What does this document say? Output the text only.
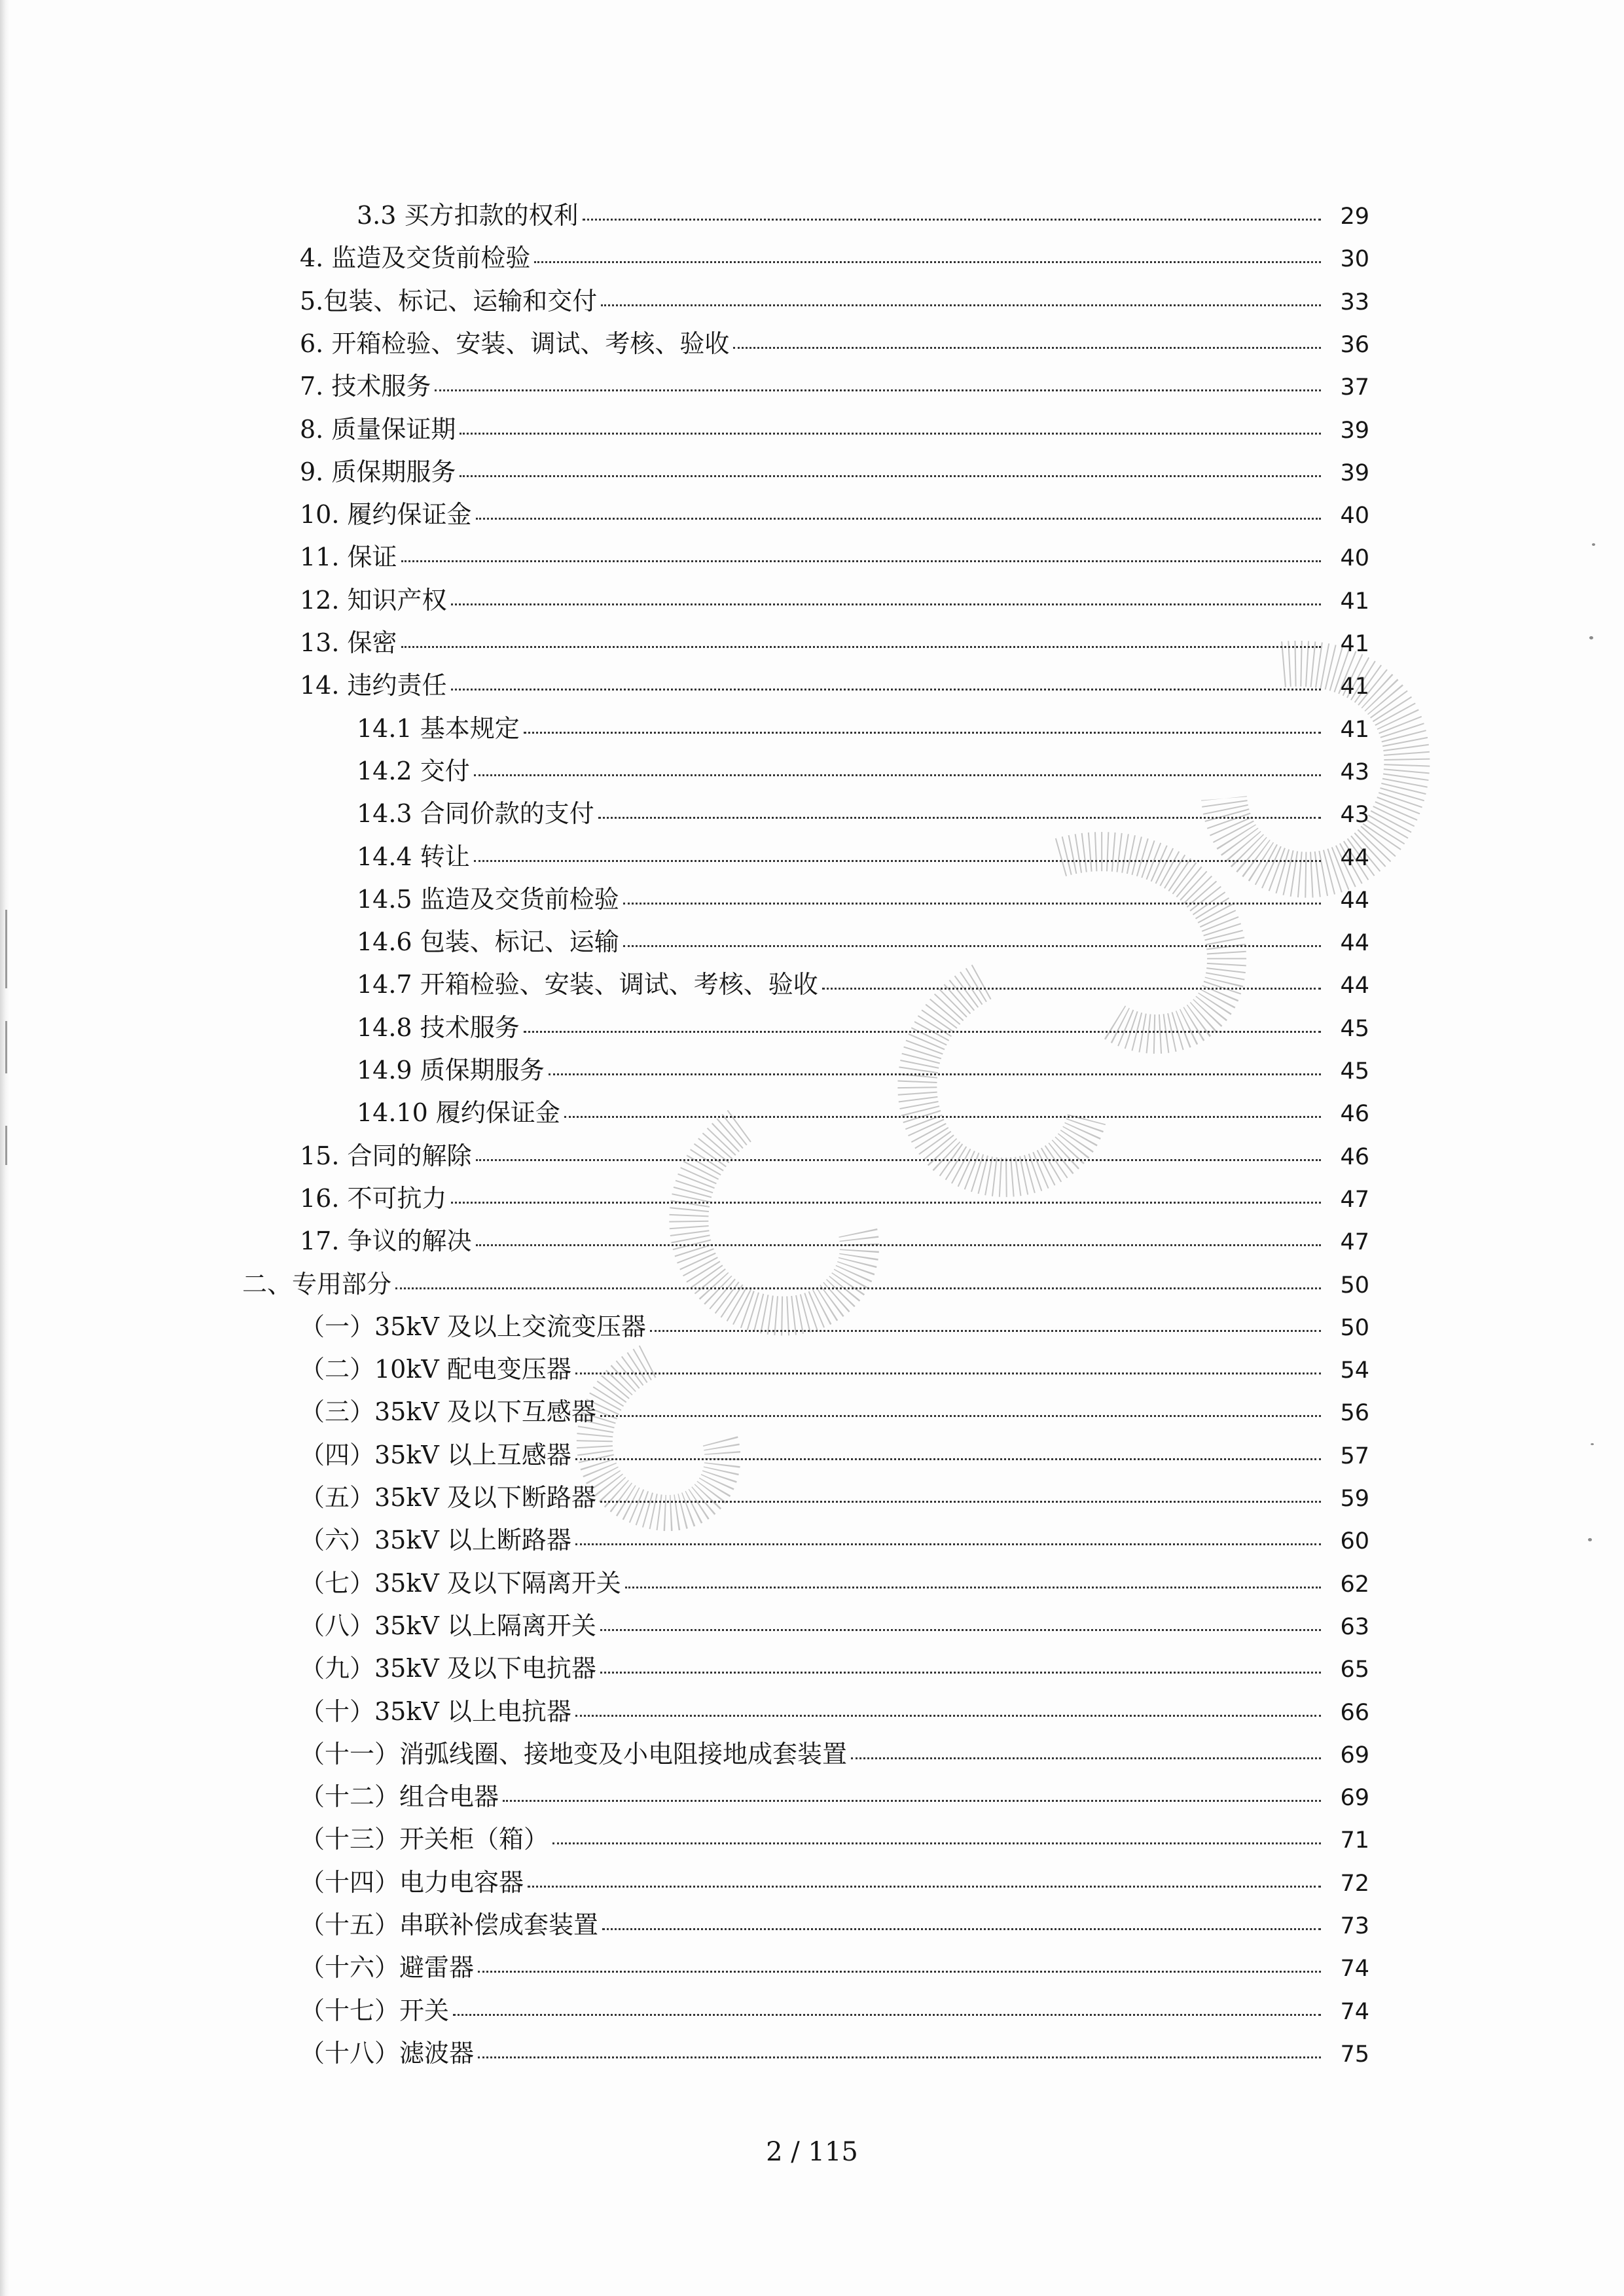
3.3 买方扣款的权利	29
4. 监造及交货前检验	30
5.包装、标记、运输和交付	33
6. 开箱检验、安装、调试、考核、验收	36
7. 技术服务	37
8. 质量保证期	39
9. 质保期服务	39
10. 履约保证金	40
11. 保证	40
12. 知识产权	41
13. 保密	41
14. 违约责任	41
14.1 基本规定	41
14.2 交付	43
14.3 合同价款的支付	43
14.4 转让	44
14.5 监造及交货前检验	44
14.6 包装、标记、运输	44
14.7 开箱检验、安装、调试、考核、验收	44
14.8 技术服务	45
14.9 质保期服务	45
14.10 履约保证金	46
15. 合同的解除	46
16. 不可抗力	47
17. 争议的解决	47
二、专用部分	50
（一）35kV 及以上交流变压器	50
（二）10kV 配电变压器	54
（三）35kV 及以下互感器	56
（四）35kV 以上互感器	57
（五）35kV 及以下断路器	59
（六）35kV 以上断路器	60
（七）35kV 及以下隔离开关	62
（八）35kV 以上隔离开关	63
（九）35kV 及以下电抗器	65
（十）35kV 以上电抗器	66
（十一）消弧线圈、接地变及小电阻接地成套装置	69
（十二）组合电器	69
（十三）开关柜（箱）	71
（十四）电力电容器	72
（十五）串联补偿成套装置	73
（十六）避雷器	74
（十七）开关	74
（十八）滤波器	75
2 / 115
